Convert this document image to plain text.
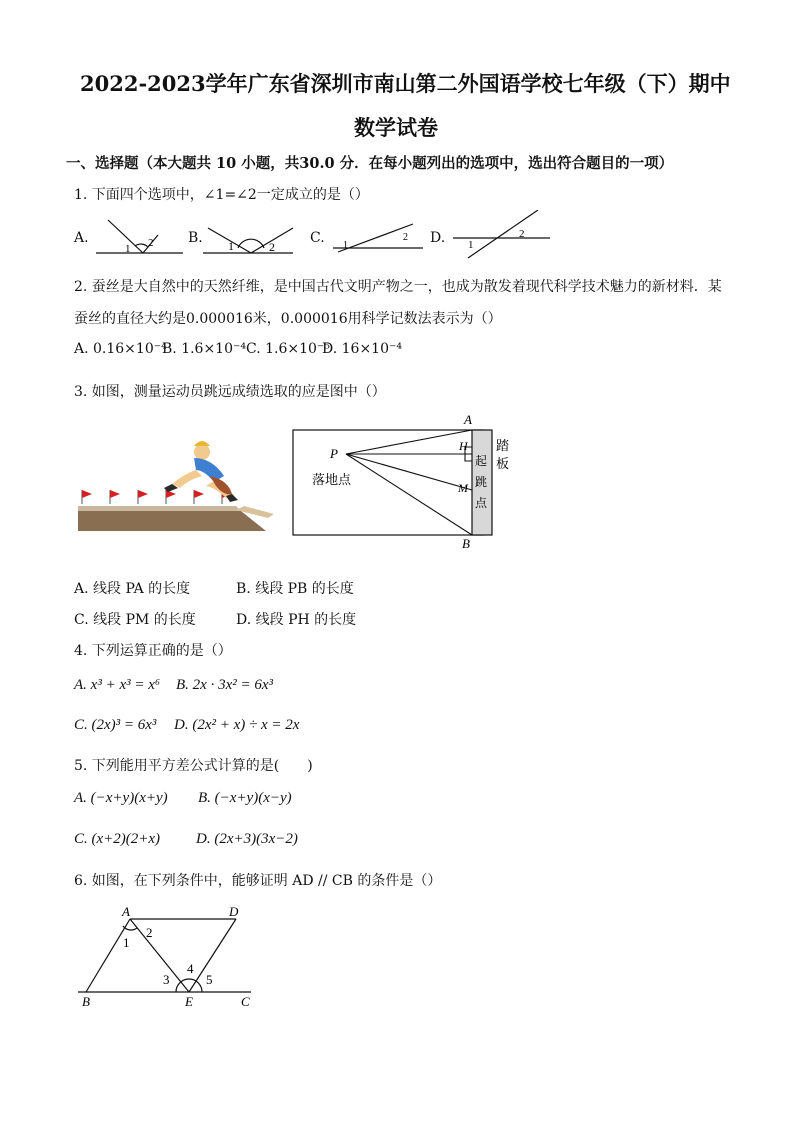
2022-2023学年广东省深圳市南山第二外国语学校七年级（下）期中
数学试卷
一、选择题（本大题共 10 小题，共30.0 分．在每小题列出的选项中，选出符合题目的一项）
1. 下面四个选项中，∠1=∠2一定成立的是（）
A.	B.	C.	D.
1 2	1	2	1
2
1
2
2. 蚕丝是大自然中的天然纤维，是中国古代文明产物之一，也成为散发着现代科学技术魅力的新材料．某
蚕丝的直径大约是0.000016米，0.000016用科学记数法表示为（）
A. 0.16×10⁻⁴
B. 1.6×10⁻⁴ C. 1.6×10⁻⁵
D. 16×10⁻⁴
3. 如图，测量运动员跳远成绩选取的应是图中（）
A
B
P	H
M
落地点
踏
板
起
跳
点
A. 线段 PA 的长度	B. 线段 PB 的长度
C. 线段 PM 的长度	D. 线段 PH 的长度
4. 下列运算正确的是（）
A. x³ + x³ = x⁶ B. 2x · 3x² = 6x³
C. (2x)³ = 6x³ D. (2x² + x) ÷ x = 2x
5. 下列能用平方差公式计算的是(　　)
A. (−x+y)(x+y) B. (−x+y)(x−y)
C. (x+2)(2+x) D. (2x+3)(3x−2)
6. 如图，在下列条件中，能够证明 AD // CB 的条件是（）
A	D
B	E	C
1
2
3
4
5
